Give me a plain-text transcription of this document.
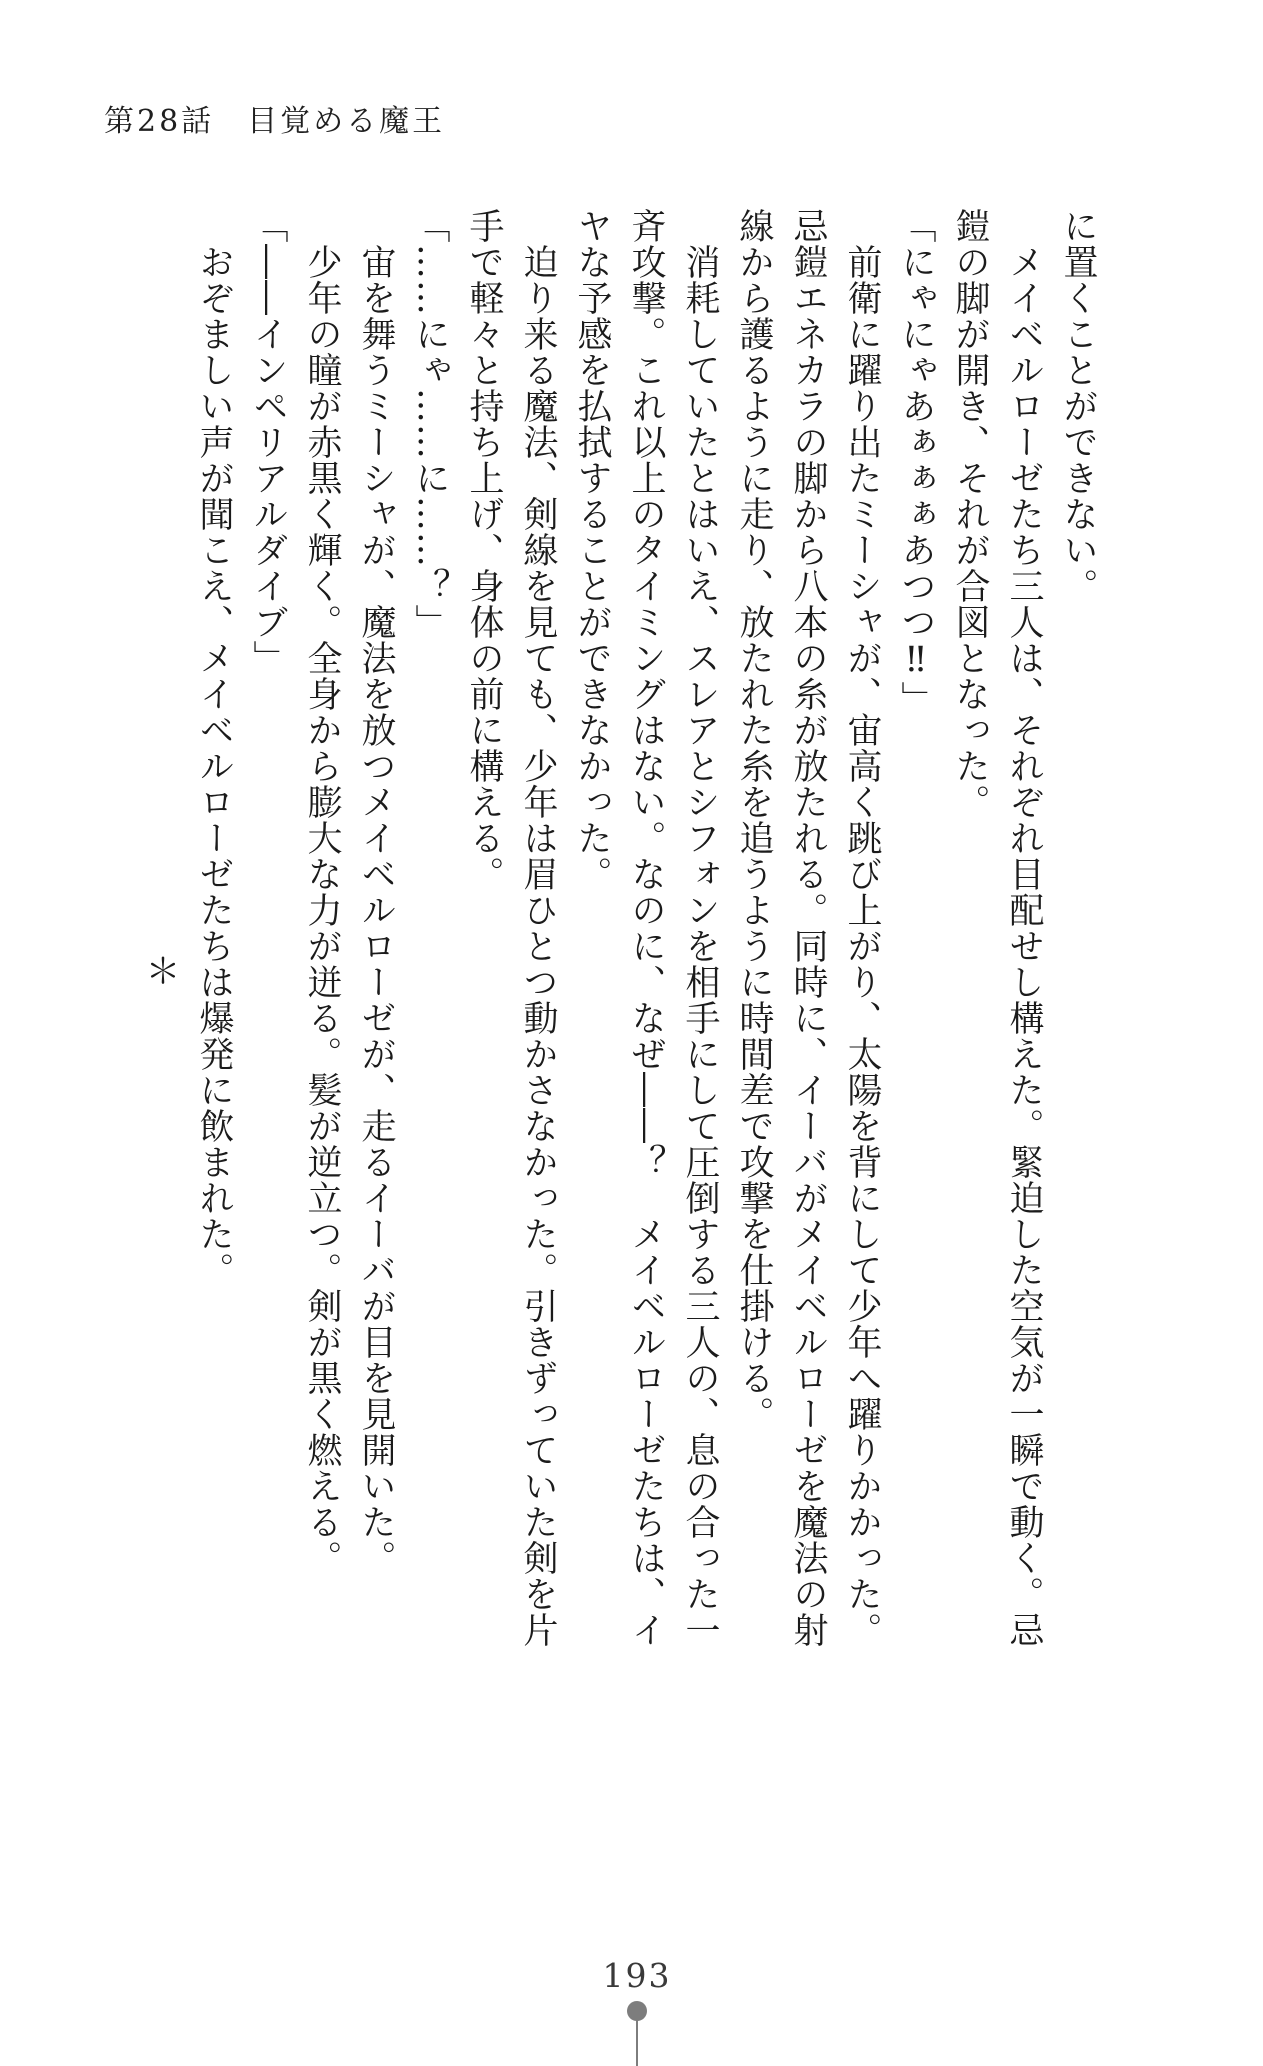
第28話　目覚める魔王

に置くことができない。

メイベルローゼたち三人は、それぞれ目配せし構えた。緊迫した空気が一瞬で動く。忌

鎧の脚が開き、それが合図となった。

「にゃにゃあぁぁぁあつつ‼」

前衛に躍り出たミーシャが、宙高く跳び上がり、太陽を背にして少年へ躍りかかった。

忌鎧エネカラの脚から八本の糸が放たれる。同時に、イーバがメイベルローゼを魔法の射

線から護るように走り、放たれた糸を追うように時間差で攻撃を仕掛ける。

消耗していたとはいえ、スレアとシフォンを相手にして圧倒する三人の、息の合った一

斉攻撃。これ以上のタイミングはない。なのに、なぜ――？　メイベルローゼたちは、イ

ヤな予感を払拭することができなかった。

迫り来る魔法、剣線を見ても、少年は眉ひとつ動かさなかった。引きずっていた剣を片

手で軽々と持ち上げ、身体の前に構える。

「……にゃ……に……？」

宙を舞うミーシャが、魔法を放つメイベルローゼが、走るイーバが目を見開いた。

少年の瞳が赤黒く輝く。全身から膨大な力が迸る。髪が逆立つ。剣が黒く燃える。

「――インペリアルダイブ」

おぞましい声が聞こえ、メイベルローゼたちは爆発に飲まれた。

＊

193
